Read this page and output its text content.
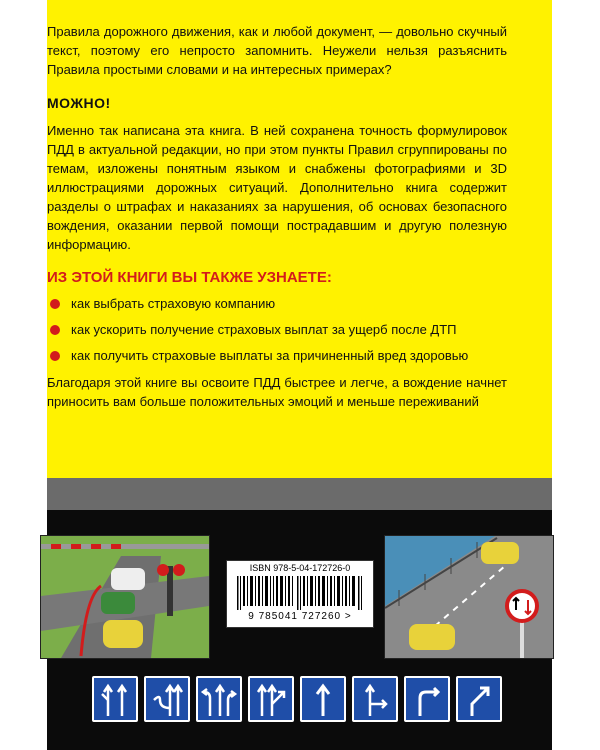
Правила дорожного движения, как и любой документ, — довольно скучный текст, поэтому его непросто запомнить. Неужели нельзя разъяснить Правила простыми словами и на интересных примерах?

МОЖНО!

Именно так написана эта книга. В ней сохранена точность формулировок ПДД в актуальной редакции, но при этом пункты Правил сгруппированы по темам, изложены понятным языком и снабжены фотографиями и 3D иллюстрациями дорожных ситуаций. Дополнительно книга содержит разделы о штрафах и наказаниях за нарушения, об основах безопасного вождения, оказании первой помощи пострадавшим и другую полезную информацию.

ИЗ ЭТОЙ КНИГИ ВЫ ТАКЖЕ УЗНАЕТЕ:
как выбрать страховую компанию
как ускорить получение страховых выплат за ущерб после ДТП
как получить страховые выплаты за причиненный вред здоровью

Благодаря этой книге вы освоите ПДД быстрее и легче, а вождение начнет приносить вам больше положительных эмоций и меньше переживаний

ISBN 978-5-04-172726-0
9 785041 727260 >
